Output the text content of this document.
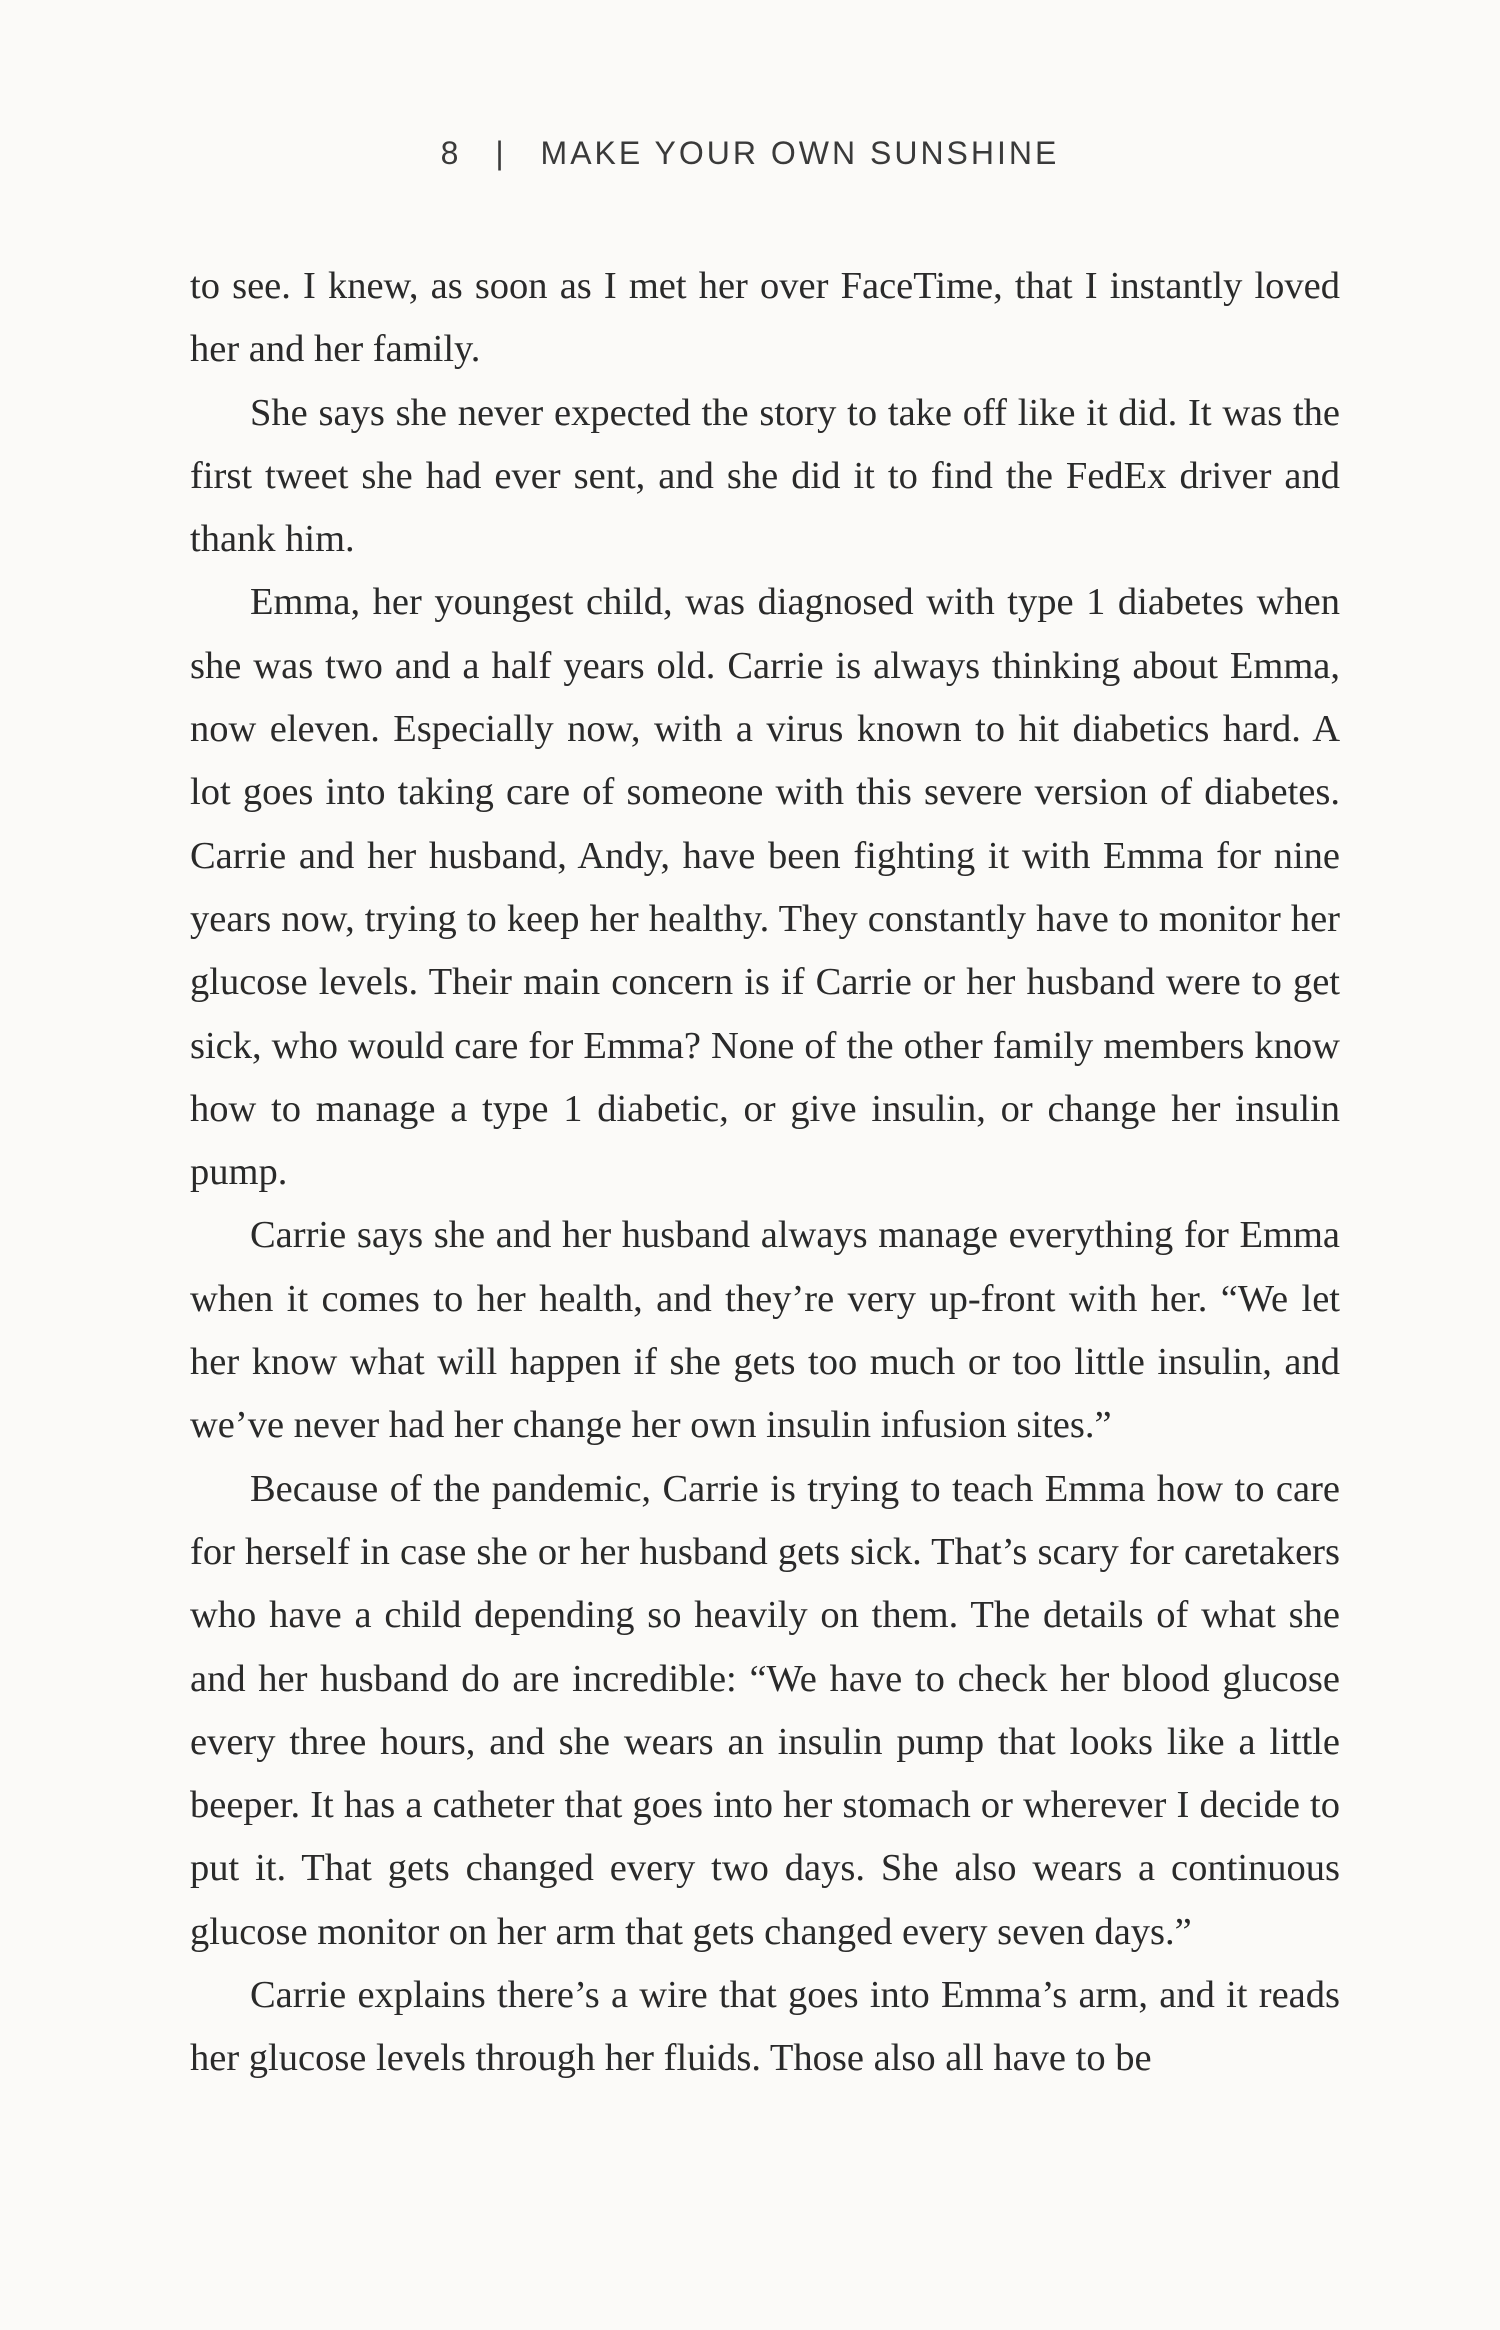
8 | MAKE YOUR OWN SUNSHINE

to see. I knew, as soon as I met her over FaceTime, that I instantly loved her and her family.

She says she never expected the story to take off like it did. It was the first tweet she had ever sent, and she did it to find the FedEx driver and thank him.

Emma, her youngest child, was diagnosed with type 1 diabetes when she was two and a half years old. Carrie is always thinking about Emma, now eleven. Especially now, with a virus known to hit diabetics hard. A lot goes into taking care of someone with this severe version of diabetes. Carrie and her husband, Andy, have been fighting it with Emma for nine years now, trying to keep her healthy. They constantly have to monitor her glucose levels. Their main concern is if Carrie or her husband were to get sick, who would care for Emma? None of the other family members know how to manage a type 1 diabetic, or give insulin, or change her insulin pump.

Carrie says she and her husband always manage everything for Emma when it comes to her health, and they’re very up-front with her. “We let her know what will happen if she gets too much or too little insulin, and we’ve never had her change her own insulin infusion sites.”

Because of the pandemic, Carrie is trying to teach Emma how to care for herself in case she or her husband gets sick. That’s scary for caretakers who have a child depending so heavily on them. The details of what she and her husband do are incredible: “We have to check her blood glucose every three hours, and she wears an insulin pump that looks like a little beeper. It has a catheter that goes into her stomach or wherever I decide to put it. That gets changed every two days. She also wears a continuous glucose monitor on her arm that gets changed every seven days.”

Carrie explains there’s a wire that goes into Emma’s arm, and it reads her glucose levels through her fluids. Those also all have to be
